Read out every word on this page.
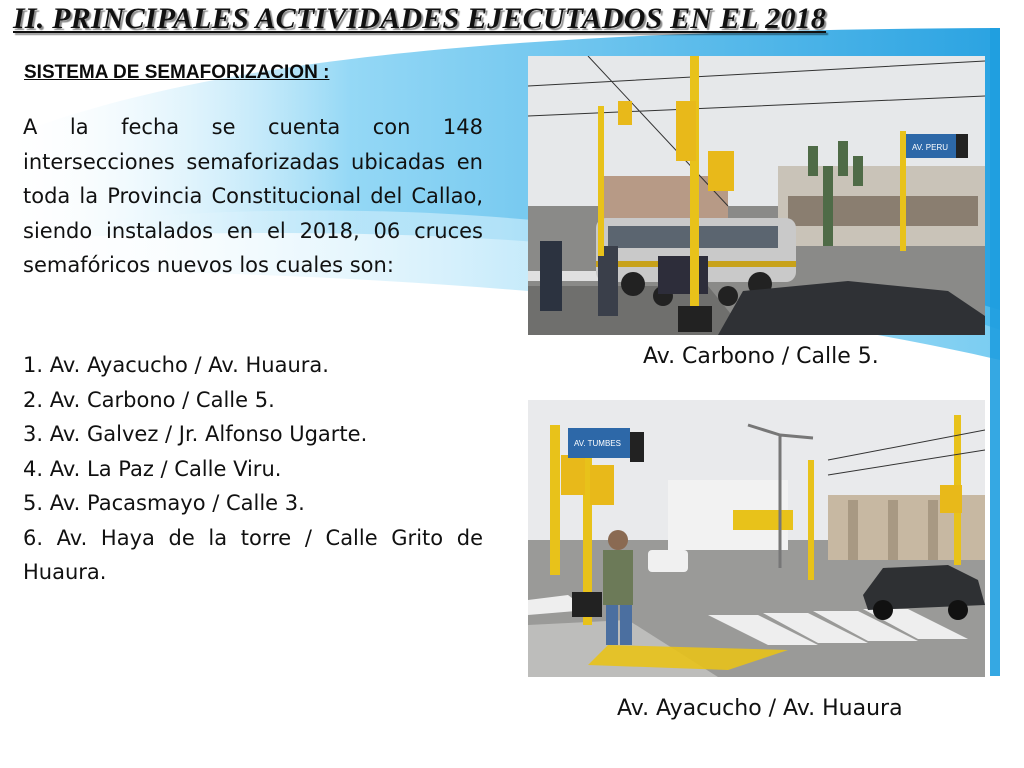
II. PRINCIPALES ACTIVIDADES EJECUTADOS EN EL 2018
SISTEMA DE SEMAFORIZACION :

A la fecha se cuenta con 148 intersecciones semaforizadas ubicadas en toda la Provincia Constitucional del Callao, siendo instalados en el 2018, 06 cruces semafóricos nuevos los cuales son:

1. Av. Ayacucho / Av. Huaura.
2. Av. Carbono / Calle 5.
3. Av. Galvez / Jr. Alfonso Ugarte.
4. Av. La Paz / Calle Viru.
5. Av. Pacasmayo / Calle 3.
6. Av. Haya de la torre / Calle Grito de Huaura.
AV. PERU

Av. Carbono / Calle 5.

AV. TUMBES

Av. Ayacucho / Av. Huaura
